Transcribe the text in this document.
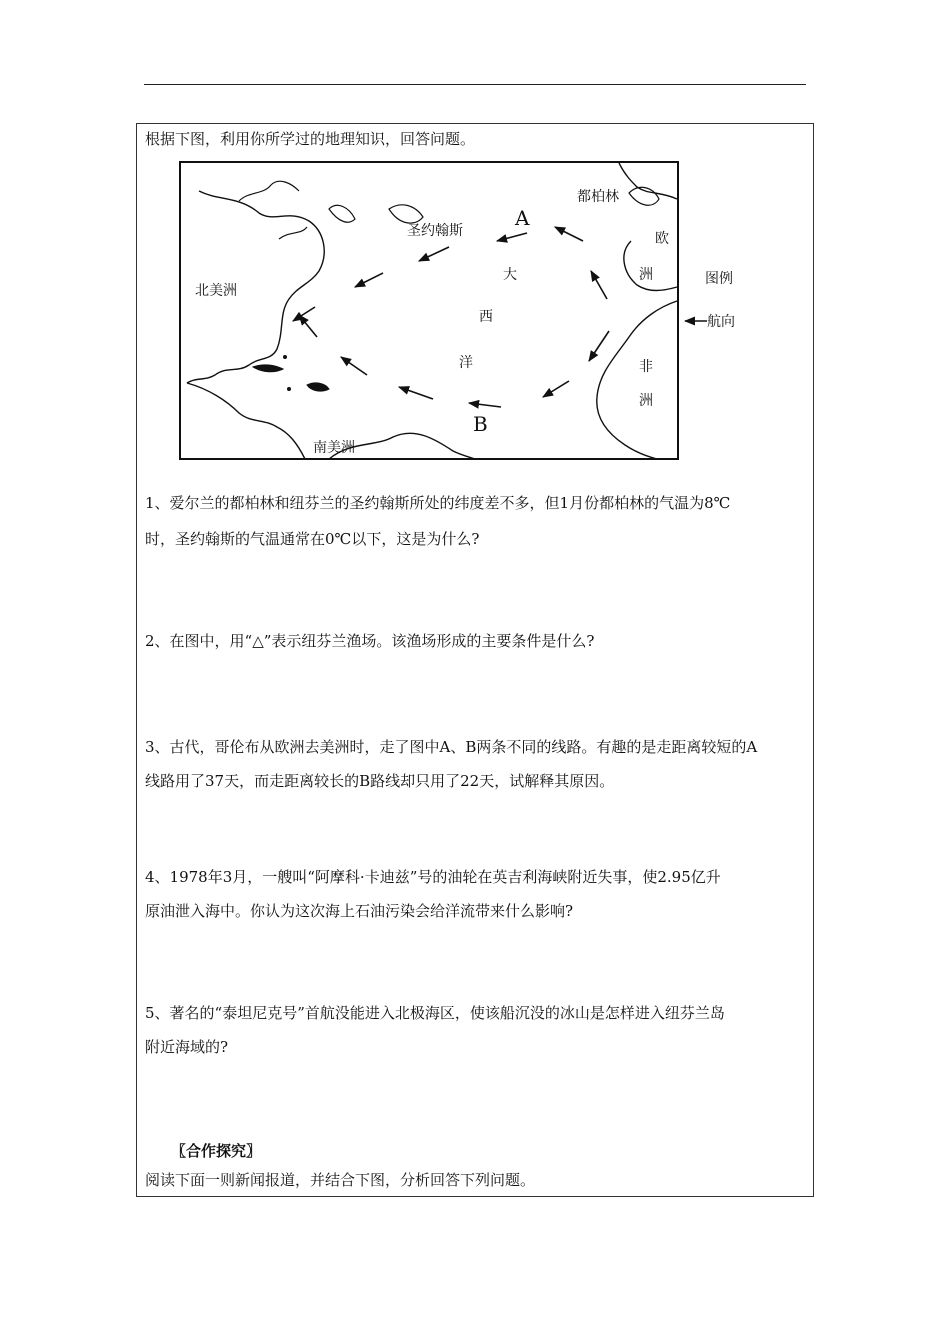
根据下图，利用你所学过的地理知识，回答问题。
北美洲
南美洲
都柏林
圣约翰斯	欧
洲
非
洲
大
西
洋
图例
航向
A
B
1、爱尔兰的都柏林和纽芬兰的圣约翰斯所处的纬度差不多，但1月份都柏林的气温为8℃
时，圣约翰斯的气温通常在0℃以下，这是为什么?
2、在图中，用“△”表示纽芬兰渔场。该渔场形成的主要条件是什么?
3、古代，哥伦布从欧洲去美洲时，走了图中A、B两条不同的线路。有趣的是走距离较短的A
线路用了37天，而走距离较长的B路线却只用了22天，试解释其原因。
4、1978年3月，一艘叫“阿摩科·卡迪兹”号的油轮在英吉利海峡附近失事，使2.95亿升
原油泄入海中。你认为这次海上石油污染会给洋流带来什么影响?
5、著名的“泰坦尼克号”首航没能进入北极海区，使该船沉没的冰山是怎样进入纽芬兰岛
附近海域的?
〖合作探究〗
阅读下面一则新闻报道，并结合下图，分析回答下列问题。
